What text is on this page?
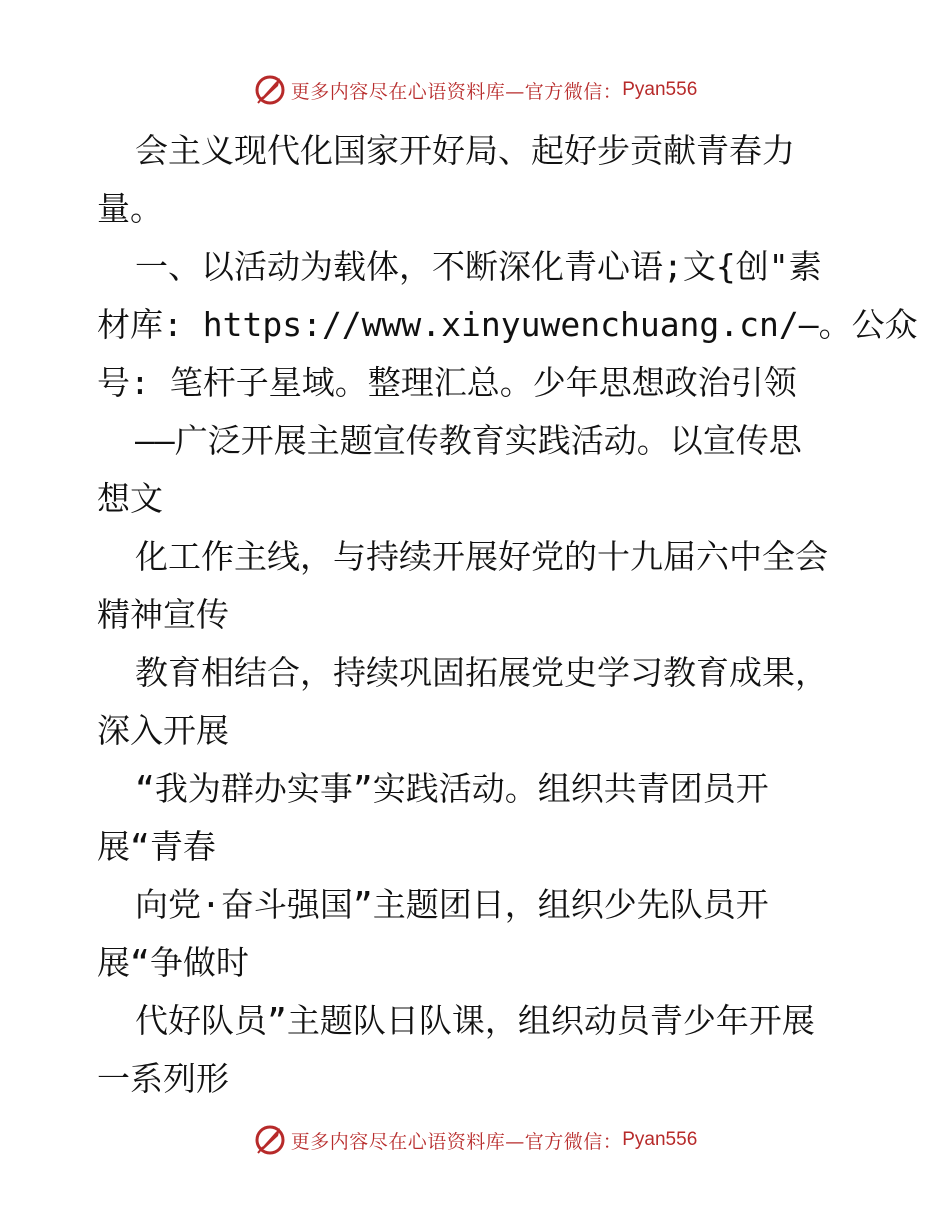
更多内容尽在心语资料库—官方微信： Pyan556
会主义现代化国家开好局、起好步贡献青春力
量。
一、以活动为载体，不断深化青心语;文{创"素
材库: https://www.xinyuwenchuang.cn/—。公众
号: 笔杆子星域。整理汇总。少年思想政治引领
——广泛开展主题宣传教育实践活动。以宣传思
想文
化工作主线，与持续开展好党的十九届六中全会
精神宣传
教育相结合，持续巩固拓展党史学习教育成果，
深入开展
“我为群办实事”实践活动。组织共青团员开
展“青春
向党·奋斗强国”主题团日，组织少先队员开
展“争做时
代好队员”主题队日队课，组织动员青少年开展
一系列形
更多内容尽在心语资料库—官方微信： Pyan556
